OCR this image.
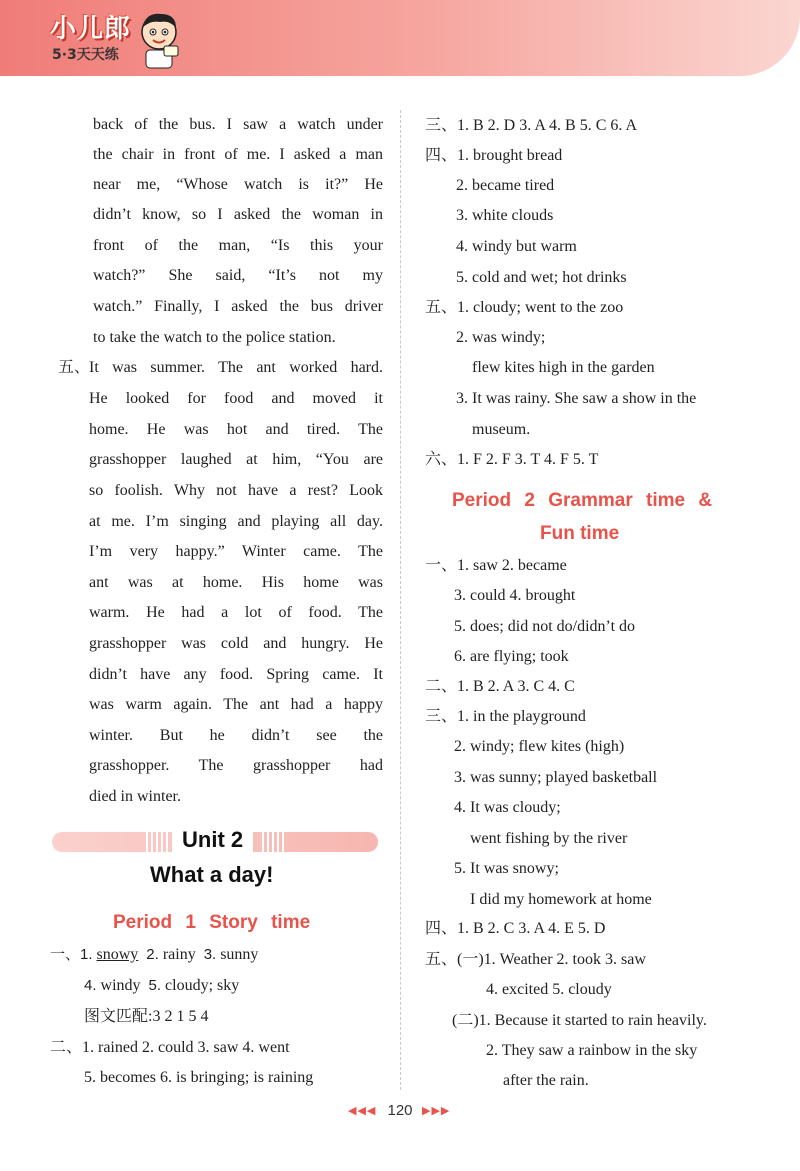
小儿郎
5·3天天练
back of the bus. I saw a watch under
the chair in front of me. I asked a man
near me, “Whose watch is it?” He
didn’t know, so I asked the woman in
front of the man, “Is this your
watch?” She said, “It’s not my
watch.” Finally, I asked the bus driver
to take the watch to the police station.
五、
It was summer. The ant worked hard.
He looked for food and moved it
home. He was hot and tired. The
grasshopper laughed at him, “You are
so foolish. Why not have a rest? Look
at me. I’m singing and playing all day.
I’m very happy.” Winter came. The
ant was at home. His home was
warm. He had a lot of food. The
grasshopper was cold and hungry. He
didn’t have any food. Spring came. It
was warm again. The ant had a happy
winter. But he didn’t see the
grasshopper. The grasshopper had
died in winter.
Unit 2
What a day!
Period 1 Story time
一、1. snowy 2. rainy  3. sunny
4. windy  5. cloudy; sky
图文匹配:3 2 1 5 4
二、1. rained 2. could 3. saw 4. went
5. becomes 6. is bringing; is raining
三、1. B 2. D 3. A 4. B 5. C 6. A
四、1. brought bread
2. became tired
3. white clouds
4. windy but warm
5. cold and wet; hot drinks
五、1. cloudy; went to the zoo
2. was windy;
flew kites high in the garden
3. It was rainy. She saw a show in the
museum.
六、1. F 2. F 3. T 4. F 5. T
Period 2 Grammar time &
Fun time
一、1. saw 2. became
3. could 4. brought
5. does; did not do/didn’t do
6. are flying; took
二、1. B 2. A 3. C 4. C
三、1. in the playground
2. windy; flew kites (high)
3. was sunny; played basketball
4. It was cloudy;
went fishing by the river
5. It was snowy;
I did my homework at home
四、1. B 2. C 3. A 4. E 5. D
五、(一)1. Weather 2. took 3. saw
4. excited 5. cloudy
(二)1. Because it started to rain heavily.
2. They saw a rainbow in the sky
after the rain.
◀◀◀ 120 ▶▶▶
